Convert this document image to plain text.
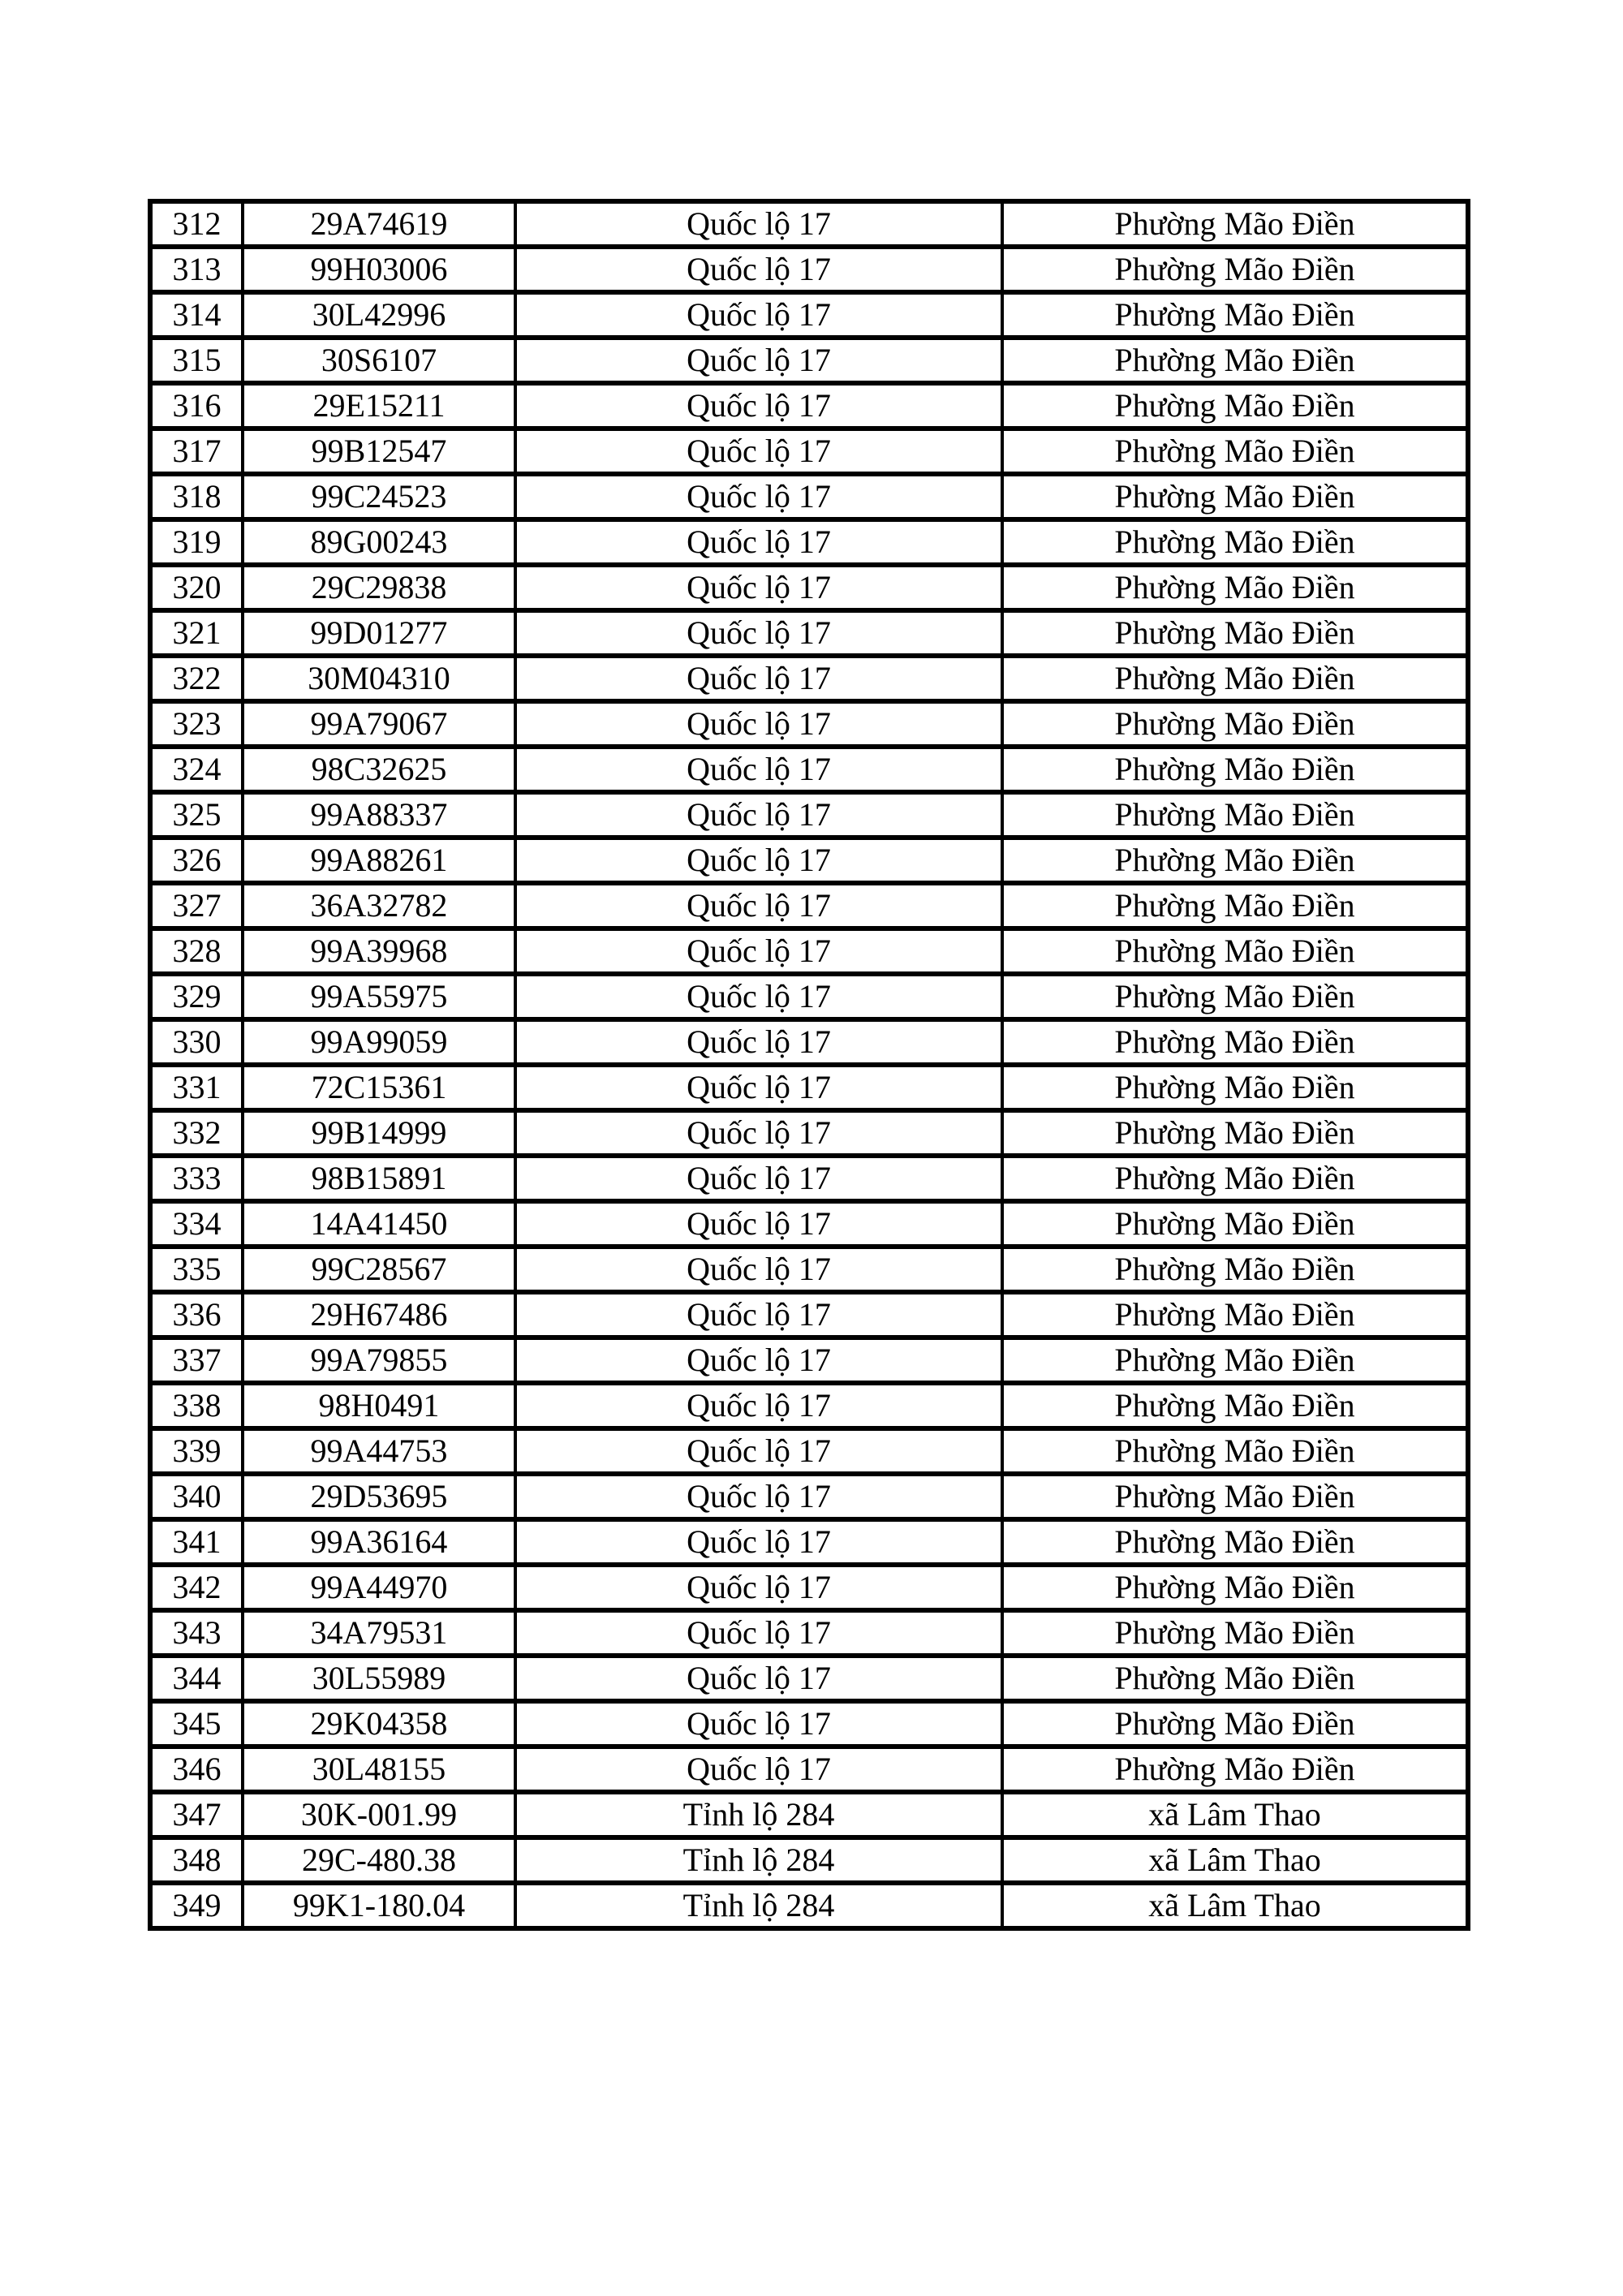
312	29A74619	Quốc lộ 17	Phường Mão Điền
313	99H03006	Quốc lộ 17	Phường Mão Điền
314	30L42996	Quốc lộ 17	Phường Mão Điền
315	30S6107	Quốc lộ 17	Phường Mão Điền
316	29E15211	Quốc lộ 17	Phường Mão Điền
317	99B12547	Quốc lộ 17	Phường Mão Điền
318	99C24523	Quốc lộ 17	Phường Mão Điền
319	89G00243	Quốc lộ 17	Phường Mão Điền
320	29C29838	Quốc lộ 17	Phường Mão Điền
321	99D01277	Quốc lộ 17	Phường Mão Điền
322	30M04310	Quốc lộ 17	Phường Mão Điền
323	99A79067	Quốc lộ 17	Phường Mão Điền
324	98C32625	Quốc lộ 17	Phường Mão Điền
325	99A88337	Quốc lộ 17	Phường Mão Điền
326	99A88261	Quốc lộ 17	Phường Mão Điền
327	36A32782	Quốc lộ 17	Phường Mão Điền
328	99A39968	Quốc lộ 17	Phường Mão Điền
329	99A55975	Quốc lộ 17	Phường Mão Điền
330	99A99059	Quốc lộ 17	Phường Mão Điền
331	72C15361	Quốc lộ 17	Phường Mão Điền
332	99B14999	Quốc lộ 17	Phường Mão Điền
333	98B15891	Quốc lộ 17	Phường Mão Điền
334	14A41450	Quốc lộ 17	Phường Mão Điền
335	99C28567	Quốc lộ 17	Phường Mão Điền
336	29H67486	Quốc lộ 17	Phường Mão Điền
337	99A79855	Quốc lộ 17	Phường Mão Điền
338	98H0491	Quốc lộ 17	Phường Mão Điền
339	99A44753	Quốc lộ 17	Phường Mão Điền
340	29D53695	Quốc lộ 17	Phường Mão Điền
341	99A36164	Quốc lộ 17	Phường Mão Điền
342	99A44970	Quốc lộ 17	Phường Mão Điền
343	34A79531	Quốc lộ 17	Phường Mão Điền
344	30L55989	Quốc lộ 17	Phường Mão Điền
345	29K04358	Quốc lộ 17	Phường Mão Điền
346	30L48155	Quốc lộ 17	Phường Mão Điền
347	30K-001.99	Tỉnh lộ 284	xã Lâm Thao
348	29C-480.38	Tỉnh lộ 284	xã Lâm Thao
349	99K1-180.04	Tỉnh lộ 284	xã Lâm Thao
